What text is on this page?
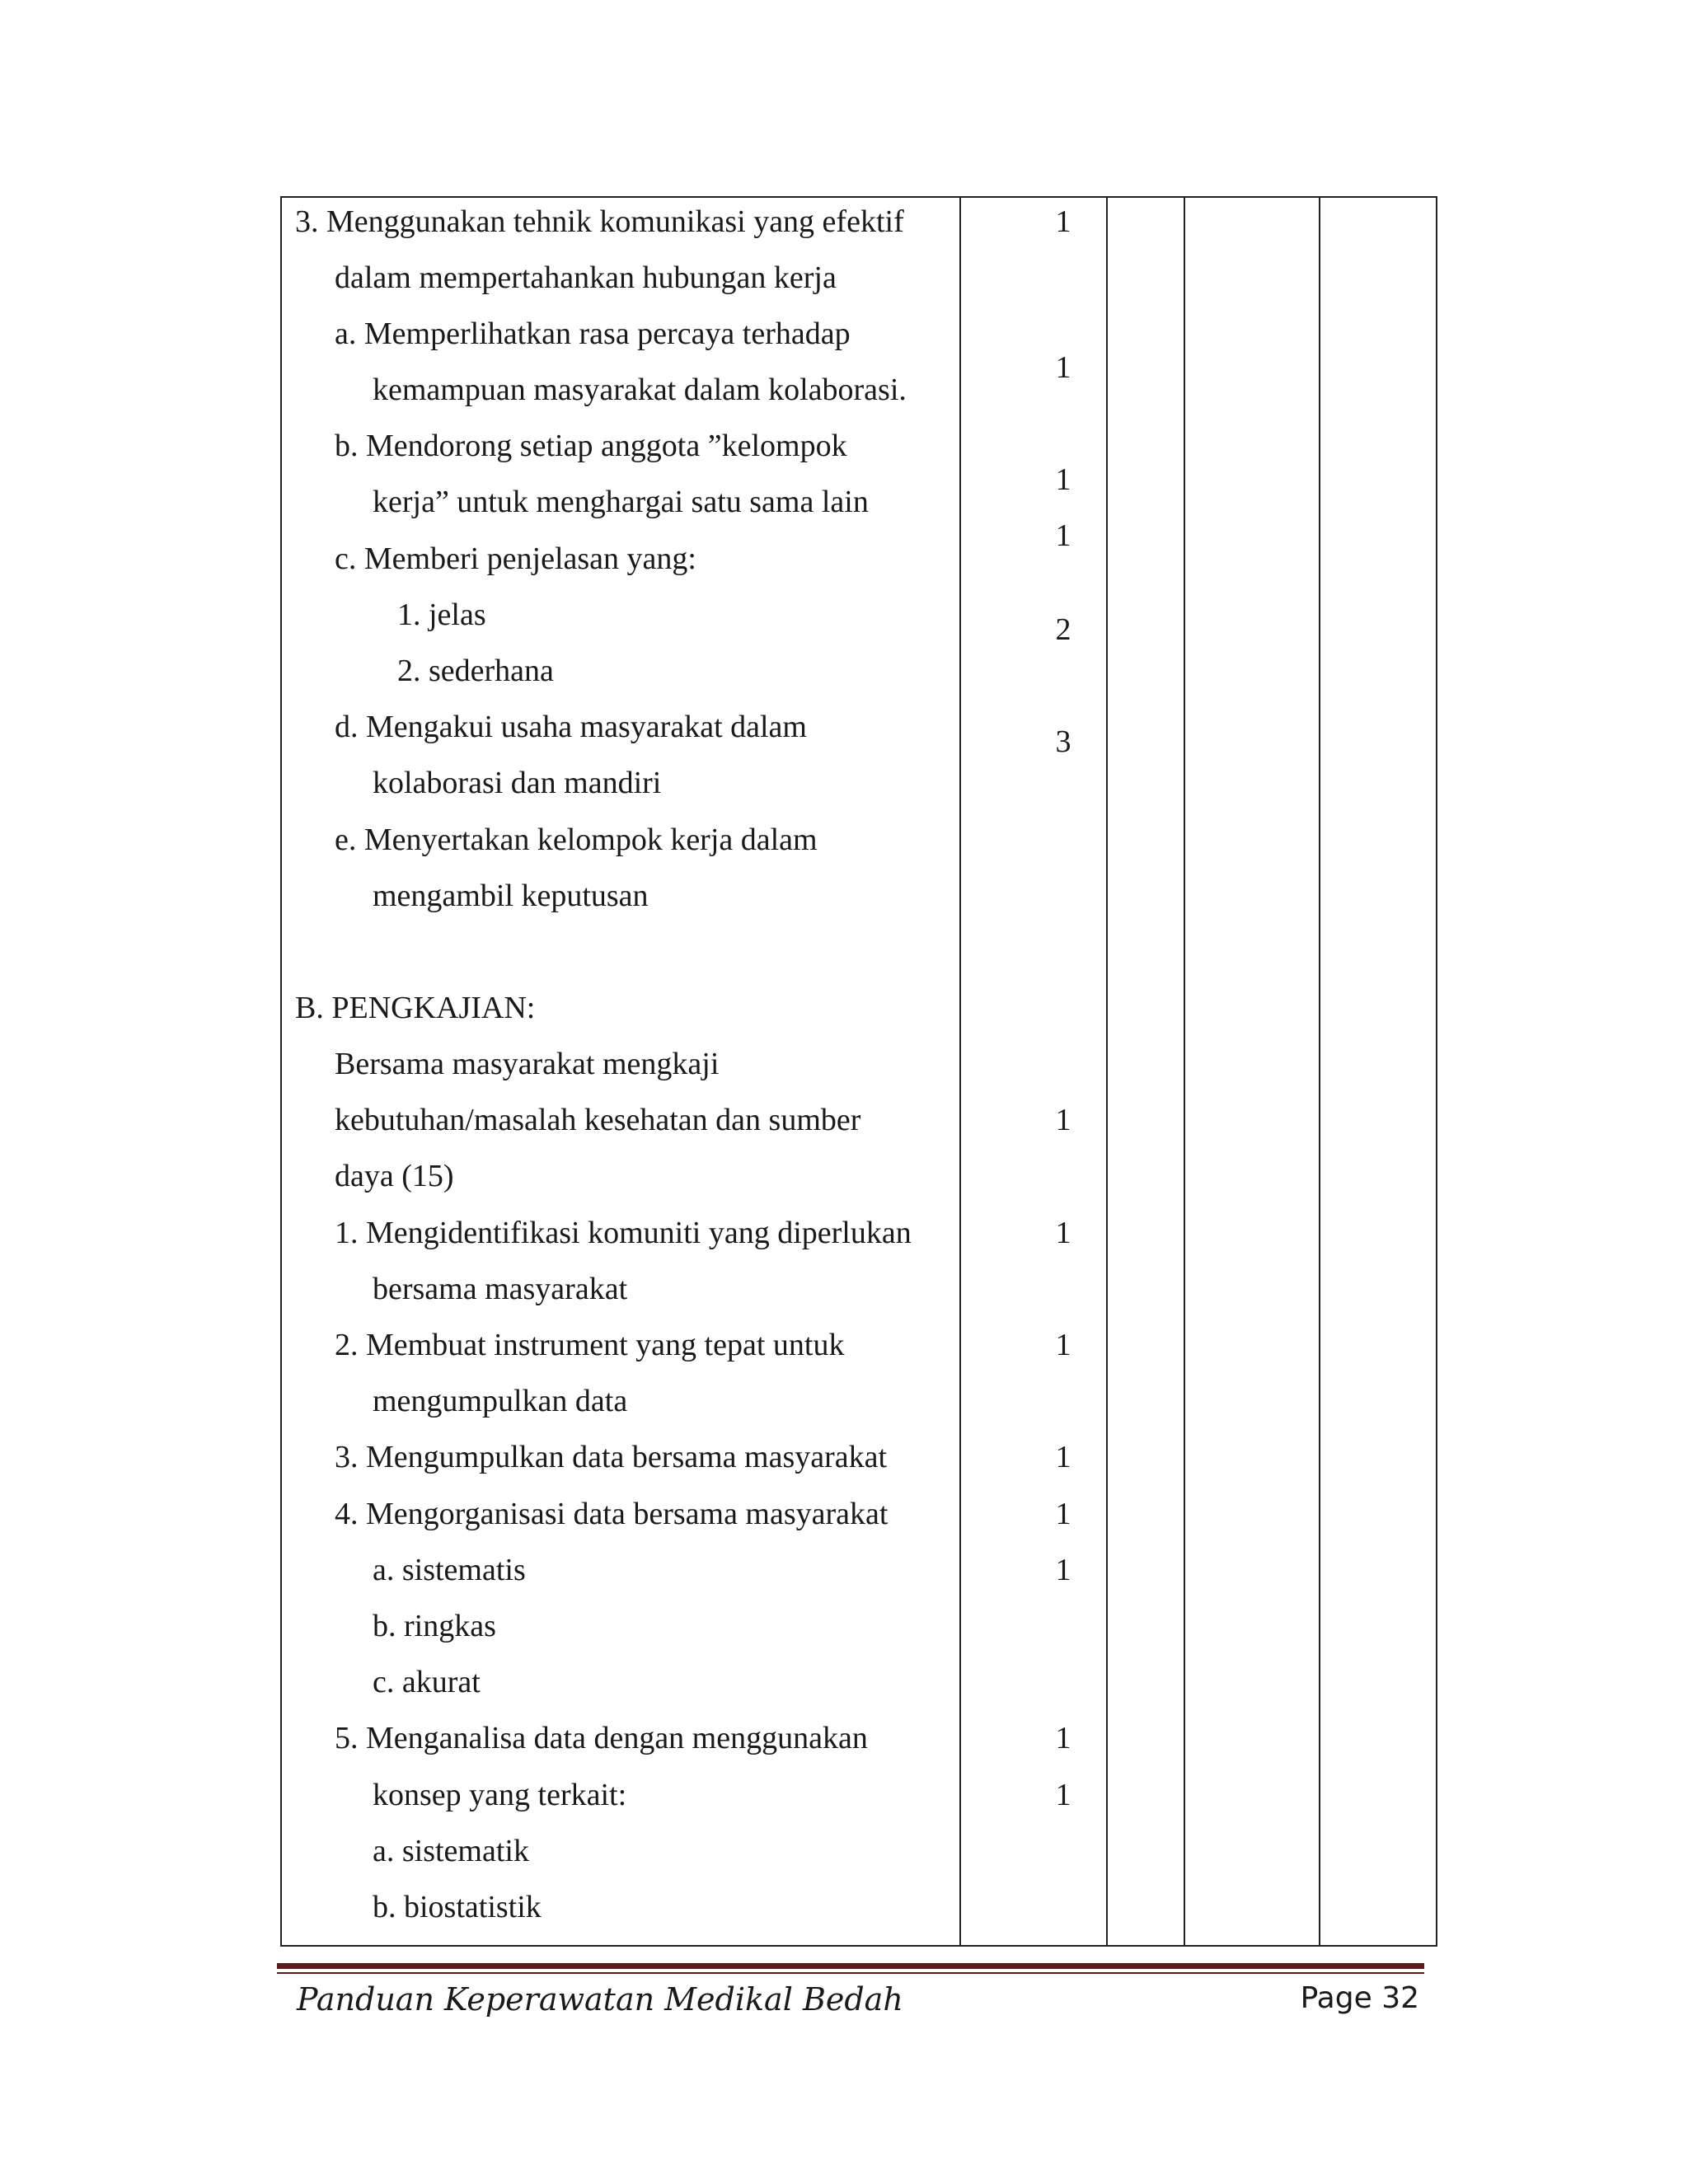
3. Menggunakan tehnik komunikasi yang efektif
dalam mempertahankan hubungan kerja
a. Memperlihatkan rasa percaya terhadap
kemampuan masyarakat dalam kolaborasi.
b. Mendorong setiap anggota ”kelompok
kerja” untuk menghargai satu sama lain
c. Memberi penjelasan yang:
1. jelas
2. sederhana
d. Mengakui usaha masyarakat dalam
kolaborasi dan mandiri
e. Menyertakan kelompok kerja dalam
mengambil keputusan
B. PENGKAJIAN:
Bersama masyarakat mengkaji
kebutuhan/masalah kesehatan dan sumber
daya (15)
1. Mengidentifikasi komuniti yang diperlukan
bersama masyarakat
2. Membuat instrument yang tepat untuk
mengumpulkan data
3. Mengumpulkan data bersama masyarakat
4. Mengorganisasi data bersama masyarakat
a. sistematis
b. ringkas
c. akurat
5. Menganalisa data dengan menggunakan
konsep yang terkait:
a. sistematik
b. biostatistik
1
1
1
1
2
3
1
1
1
1
1
1
1
1
Panduan Keperawatan Medikal Bedah	Page 32
